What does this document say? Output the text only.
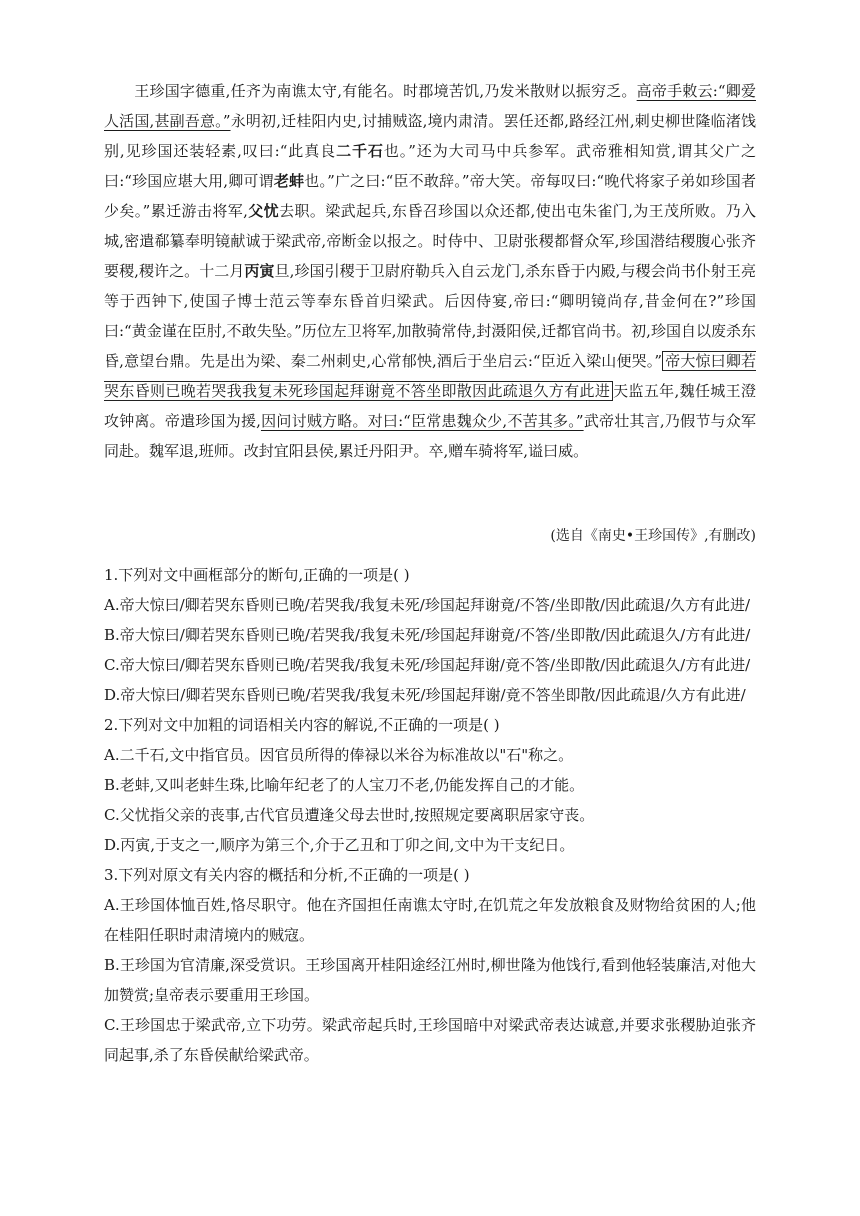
王珍国字德重,任齐为南谯太守,有能名。时郡境苦饥,乃发米散财以振穷乏。高帝手敕云:“卿爱人活国,甚副吾意。”永明初,迁桂阳内史,讨捕贼盗,境内肃清。罢任还都,路经江州,刺史柳世隆临渚饯别,见珍国还装轻素,叹曰:“此真良二千石也。”还为大司马中兵参军。武帝雅相知赏,谓其父广之曰:“珍国应堪大用,卿可谓老蚌也。”广之曰:“臣不敢辞。”帝大笑。帝每叹曰:“晚代将家子弟如珍国者少矣。”累迁游击将军,父忧去职。梁武起兵,东昏召珍国以众还都,使出屯朱雀门,为王茂所败。乃入城,密遣郗纂奉明镜献诚于梁武帝,帝断金以报之。时侍中、卫尉张稷都督众军,珍国潜结稷腹心张齐要稷,稷许之。十二月丙寅旦,珍国引稷于卫尉府勒兵入自云龙门,杀东昏于内殿,与稷会尚书仆射王亮等于西钟下,使国子博士范云等奉东昏首归梁武。后因侍宴,帝曰:“卿明镜尚存,昔金何在?”珍国曰:“黄金谨在臣肘,不敢失坠。”历位左卫将军,加散骑常侍,封滠阳侯,迁都官尚书。初,珍国自以废杀东昏,意望台鼎。先是出为梁、秦二州刺史,心常郁怏,酒后于坐启云:“臣近入梁山便哭。” 帝大惊曰卿若哭东昏则已晚若哭我我复未死珍国起拜谢竟不答坐即散因此疏退久方有此进 天监五年,魏任城王澄攻钟离。帝遣珍国为援,因问讨贼方略。对曰:“臣常患魏众少,不苦其多。”武帝壮其言,乃假节与众军同赴。魏军退,班师。改封宜阳县侯,累迁丹阳尹。卒,赠车骑将军,谥曰威。

(选自《南史•王珍国传》,有删改)

1.下列对文中画框部分的断句,正确的一项是( )

A.帝大惊曰/卿若哭东昏则已晚/若哭我/我复未死/珍国起拜谢竟/不答/坐即散/因此疏退/久方有此进/

B.帝大惊曰/卿若哭东昏则已晚/若哭我/我复未死/珍国起拜谢竟/不答/坐即散/因此疏退久/方有此进/

C.帝大惊曰/卿若哭东昏则已晚/若哭我/我复未死/珍国起拜谢/竟不答/坐即散/因此疏退久/方有此进/

D.帝大惊曰/卿若哭东昏则已晚/若哭我/我复未死/珍国起拜谢/竟不答坐即散/因此疏退/久方有此进/

2.下列对文中加粗的词语相关内容的解说,不正确的一项是( )

A.二千石,文中指官员。因官员所得的俸禄以米谷为标准故以"石"称之。

B.老蚌,又叫老蚌生珠,比喻年纪老了的人宝刀不老,仍能发挥自己的才能。

C.父忧指父亲的丧事,古代官员遭逢父母去世时,按照规定要离职居家守丧。

D.丙寅,于支之一,顺序为第三个,介于乙丑和丁卯之间,文中为干支纪日。

3.下列对原文有关内容的概括和分析,不正确的一项是( )

A.王珍国体恤百姓,恪尽职守。他在齐国担任南谯太守时,在饥荒之年发放粮食及财物给贫困的人;他在桂阳任职时肃清境内的贼寇。

B.王珍国为官清廉,深受赏识。王珍国离开桂阳途经江州时,柳世隆为他饯行,看到他轻装廉洁,对他大加赞赏;皇帝表示要重用王珍国。

C.王珍国忠于梁武帝,立下功劳。梁武帝起兵时,王珍国暗中对梁武帝表达诚意,并要求张稷胁迫张齐同起事,杀了东昏侯献给梁武帝。
